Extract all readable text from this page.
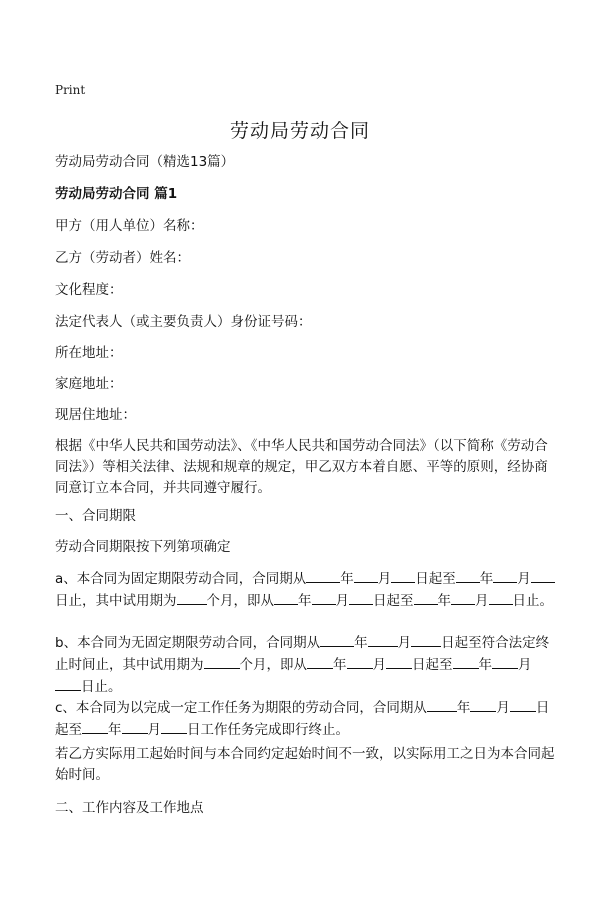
Print
劳动局劳动合同

劳动局劳动合同（精选13篇）

劳动局劳动合同 篇1

甲方（用人单位）名称：

乙方（劳动者）姓名：

文化程度：

法定代表人（或主要负责人）身份证号码：

所在地址：

家庭地址：

现居住地址：

根据《中华人民共和国劳动法》、《中华人民共和国劳动合同法》（以下简称《劳动合同法》）等相关法律、法规和规章的规定，甲乙双方本着自愿、平等的原则，经协商同意订立本合同，并共同遵守履行。

一、合同期限

劳动合同期限按下列第项确定

a、本合同为固定期限劳动合同，合同期从	年 月 日起至 年 月日止，其中试用期为 个月，即从 年 月 日起至 年 月 日止。

b、本合同为无固定期限劳动合同，合同期从	年 月 日起至符合法定终止时间止，其中试用期为	个月，即从 年 月 日起至 年 月日止。

c、本合同为以完成一定工作任务为期限的劳动合同，合同期从 年 月 日起至 年 月 日工作任务完成即行终止。

若乙方实际用工起始时间与本合同约定起始时间不一致，以实际用工之日为本合同起始时间。

二、工作内容及工作地点
